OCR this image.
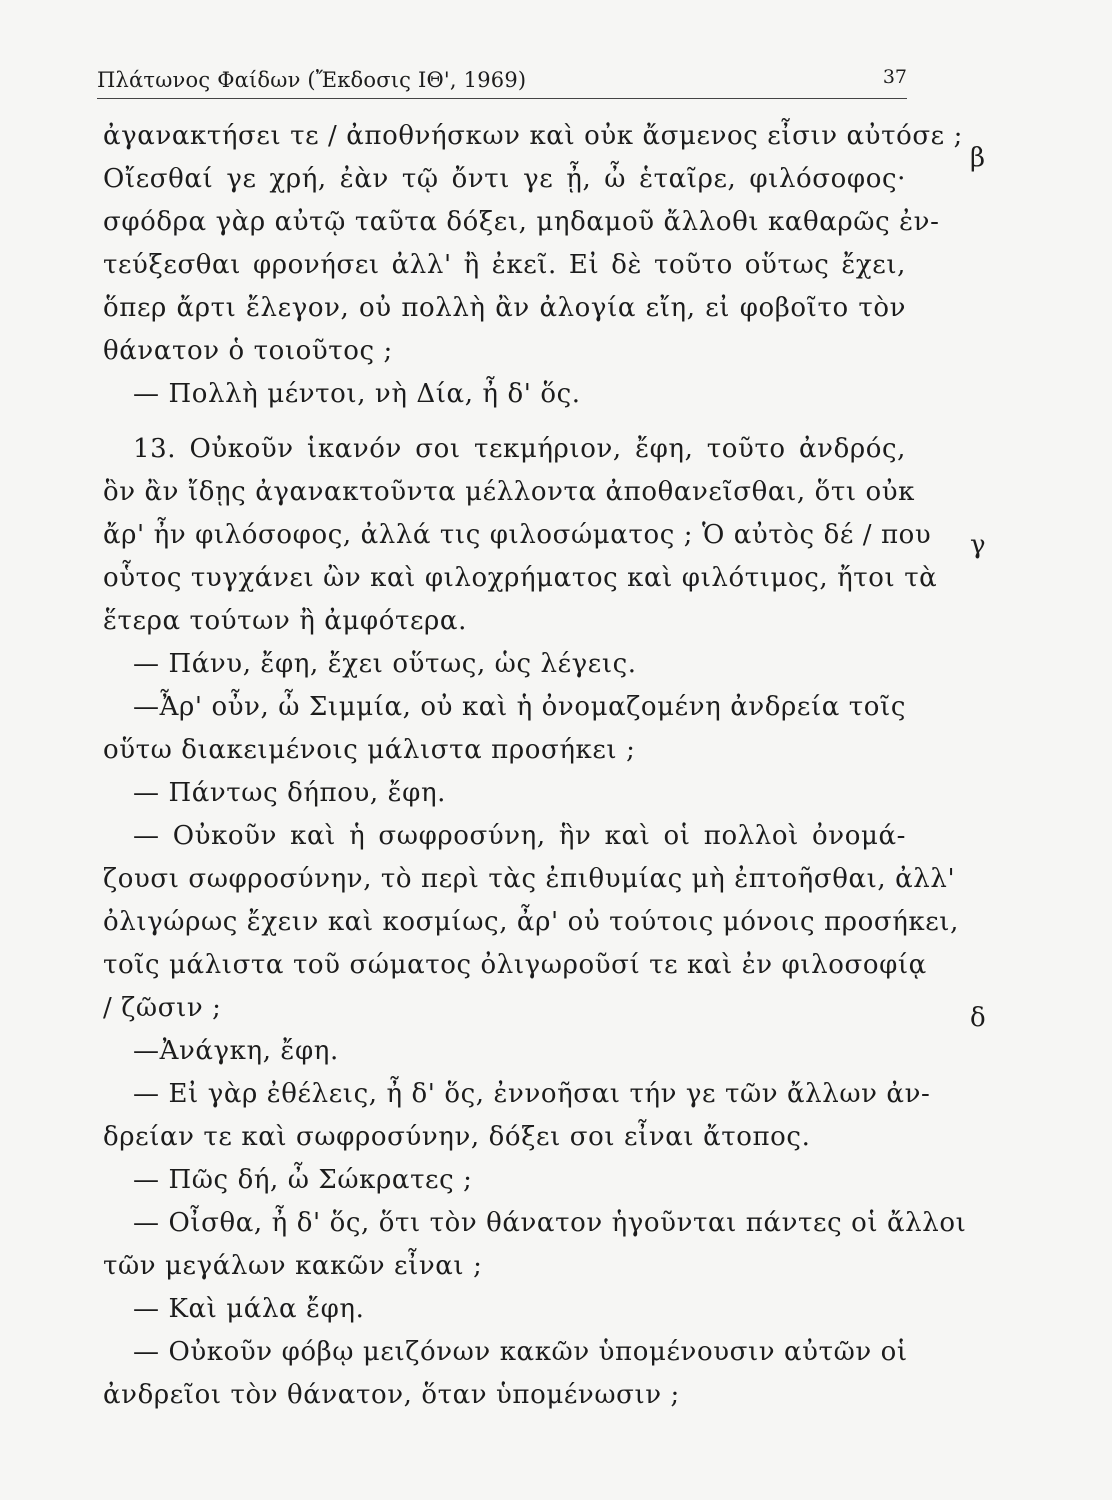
Πλάτωνος Φαίδων (Ἔκδοσις ΙΘ', 1969)	37
ἀγανακτήσει τε / ἀποθνήσκων καὶ οὐκ ἄσμενος εἶσιν αὐτόσε ;
Οἴεσθαί γε χρή, ἐὰν τῷ ὄντι γε ᾖ, ὦ ἑταῖρε, φιλόσοφος·
σφόδρα γὰρ αὐτῷ ταῦτα δόξει, μηδαμοῦ ἄλλοθι καθαρῶς ἐν-
τεύξεσθαι φρονήσει ἀλλ' ἢ ἐκεῖ. Εἰ δὲ τοῦτο οὕτως ἔχει,
ὅπερ ἄρτι ἔλεγον, οὐ πολλὴ ἂν ἀλογία εἴη, εἰ φοβοῖτο τὸν
θάνατον ὁ τοιοῦτος ;
— Πολλὴ μέντοι, νὴ Δία, ἦ δ' ὅς.
13. Οὐκοῦν ἱκανόν σοι τεκμήριον, ἔφη, τοῦτο ἀνδρός,
ὃν ἂν ἴδῃς ἀγανακτοῦντα μέλλοντα ἀποθανεῖσθαι, ὅτι οὐκ
ἄρ' ἦν φιλόσοφος, ἀλλά τις φιλοσώματος ; Ὁ αὐτὸς δέ / που
οὗτος τυγχάνει ὢν καὶ φιλοχρήματος καὶ φιλότιμος, ἤτοι τὰ
ἕτερα τούτων ἢ ἀμφότερα.
— Πάνυ, ἔφη, ἔχει οὕτως, ὡς λέγεις.
—Ἆρ' οὖν, ὦ Σιμμία, οὐ καὶ ἡ ὀνομαζομένη ἀνδρεία τοῖς
οὕτω διακειμένοις μάλιστα προσήκει ;
— Πάντως δήπου, ἔφη.
— Οὐκοῦν καὶ ἡ σωφροσύνη, ἣν καὶ οἱ πολλοὶ ὀνομά-
ζουσι σωφροσύνην, τὸ περὶ τὰς ἐπιθυμίας μὴ ἐπτοῆσθαι, ἀλλ'
ὀλιγώρως ἔχειν καὶ κοσμίως, ἆρ' οὐ τούτοις μόνοις προσήκει,
τοῖς μάλιστα τοῦ σώματος ὀλιγωροῦσί τε καὶ ἐν φιλοσοφίᾳ
/ ζῶσιν ;
—Ἀνάγκη, ἔφη.
— Εἰ γὰρ ἐθέλεις, ἦ δ' ὅς, ἐννοῆσαι τήν γε τῶν ἄλλων ἀν-
δρείαν τε καὶ σωφροσύνην, δόξει σοι εἶναι ἄτοπος.
— Πῶς δή, ὦ Σώκρατες ;
— Οἶσθα, ἦ δ' ὅς, ὅτι τὸν θάνατον ἡγοῦνται πάντες οἱ ἄλλοι
τῶν μεγάλων κακῶν εἶναι ;
— Καὶ μάλα ἔφη.
— Οὐκοῦν φόβῳ μειζόνων κακῶν ὑπομένουσιν αὐτῶν οἱ
ἀνδρεῖοι τὸν θάνατον, ὅταν ὑπομένωσιν ;
β
γ
δ
